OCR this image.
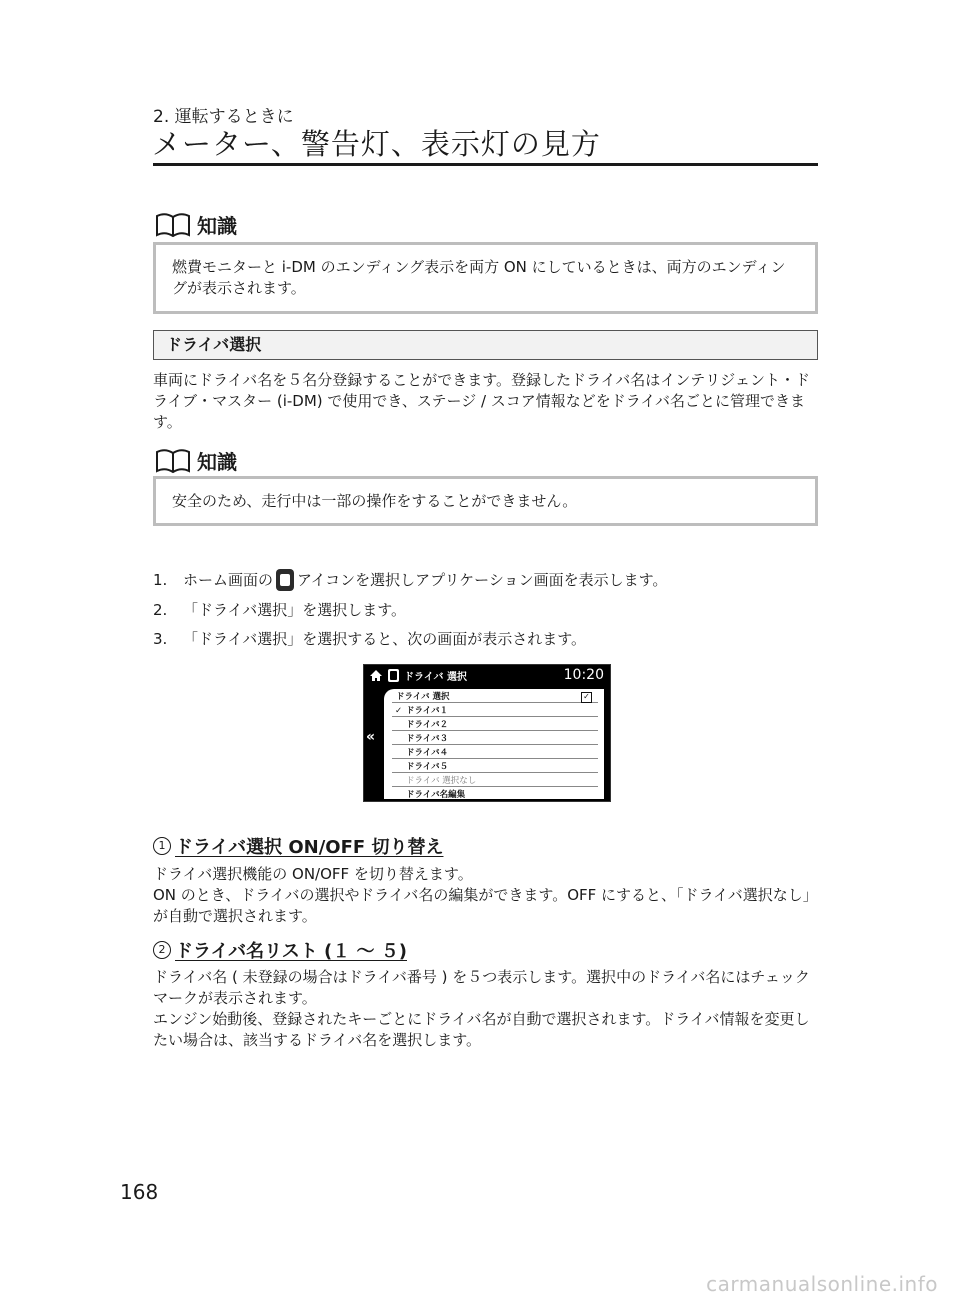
2. 運転するときに
メーター、警告灯、表示灯の見方
知識
燃費モニターと i-DM のエンディング表示を両方 ON にしているときは、両方のエンディングが表示されます。
ドライバ選択
車両にドライバ名を５名分登録することができます。登録したドライバ名はインテリジェント・ドライブ・マスター (i-DM) で使用でき、ステージ / スコア情報などをドライバ名ごとに管理できます。
知識
安全のため、走行中は一部の操作をすることができません。
1.	ホーム画面の アイコンを選択しアプリケーション画面を表示します。
2.	「ドライバ選択」を選択します。
3.	「ドライバ選択」を選択すると、次の画面が表示されます。
ドライバ 選択	10:20
«
ドライバ 選択	✓
✓ ドライバ１
ドライバ２
ドライバ３
ドライバ４
ドライバ５
ドライバ 選択なし
ドライバ名編集
1 ドライバ選択 ON/OFF 切り替え
ドライバ選択機能の ON/OFF を切り替えます。
ON のとき、ドライバの選択やドライバ名の編集ができます。OFF にすると、「ドライバ選択なし」が自動で選択されます。
2 ドライバ名リスト (１ ～ ５)
ドライバ名 ( 未登録の場合はドライバ番号 ) を５つ表示します。選択中のドライバ名にはチェックマークが表示されます。
エンジン始動後、登録されたキーごとにドライバ名が自動で選択されます。ドライバ情報を変更したい場合は、該当するドライバ名を選択します。
168
carmanualsonline.info
